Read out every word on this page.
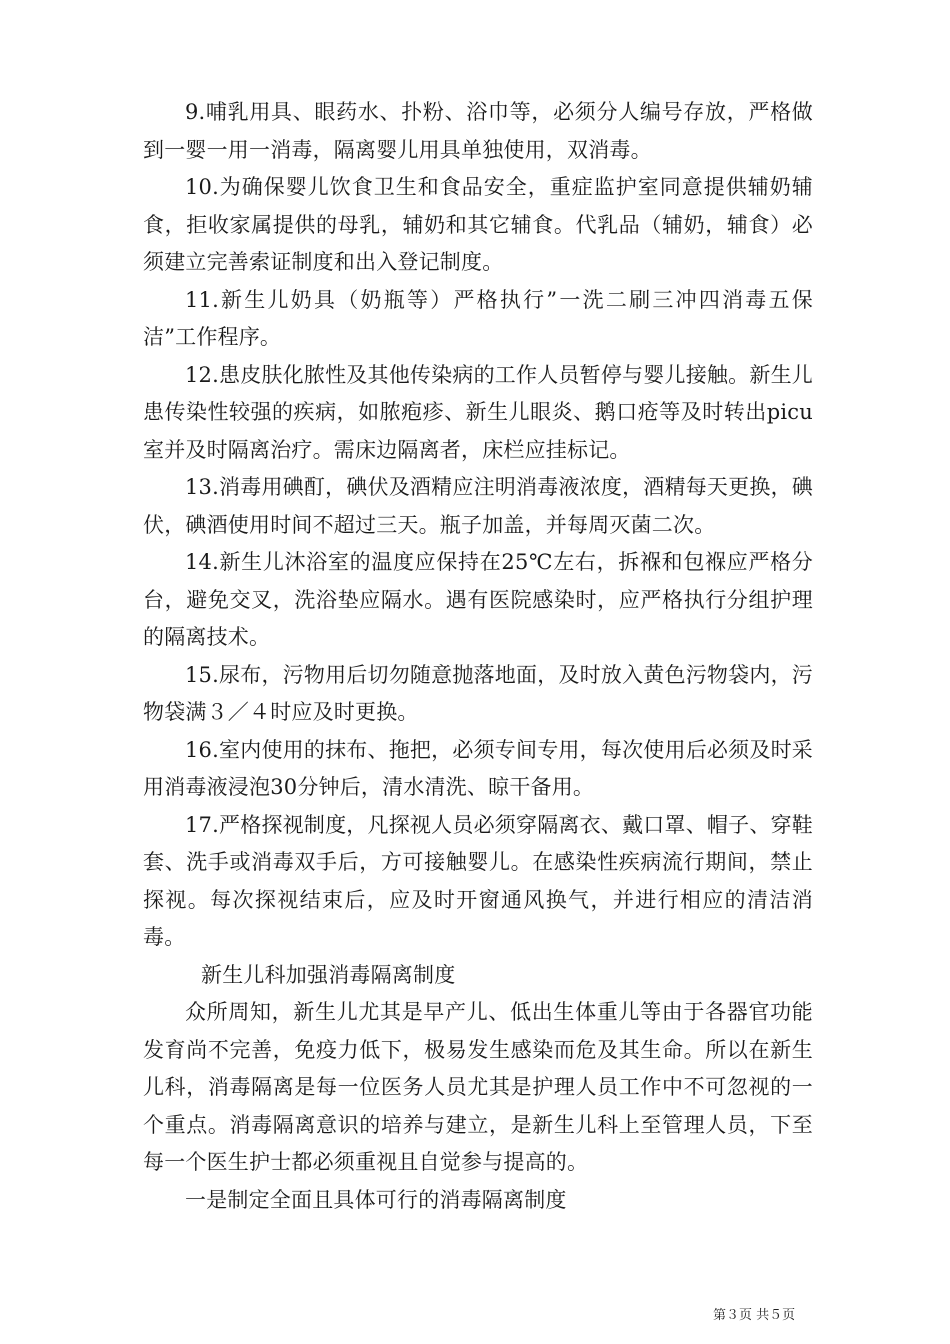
9.哺乳用具、眼药水、扑粉、浴巾等，必须分人编号存放，严格做到一婴一用一消毒，隔离婴儿用具单独使用，双消毒。

10.为确保婴儿饮食卫生和食品安全，重症监护室同意提供辅奶辅食，拒收家属提供的母乳，辅奶和其它辅食。代乳品（辅奶，辅食）必须建立完善索证制度和出入登记制度。

11.新生儿奶具（奶瓶等）严格执行”一洗二刷三冲四消毒五保洁”工作程序。

12.患皮肤化脓性及其他传染病的工作人员暂停与婴儿接触。新生儿患传染性较强的疾病，如脓疱疹、新生儿眼炎、鹅口疮等及时转出picu室并及时隔离治疗。需床边隔离者，床栏应挂标记。

13.消毒用碘酊，碘伏及酒精应注明消毒液浓度，酒精每天更换，碘伏，碘酒使用时间不超过三天。瓶子加盖，并每周灭菌二次。

14.新生儿沐浴室的温度应保持在25℃左右，拆褓和包褓应严格分台，避免交叉，洗浴垫应隔水。遇有医院感染时，应严格执行分组护理的隔离技术。

15.尿布，污物用后切勿随意抛落地面，及时放入黄色污物袋内，污物袋满３／４时应及时更换。

16.室内使用的抹布、拖把，必须专间专用，每次使用后必须及时采用消毒液浸泡30分钟后，清水清洗、晾干备用。

17.严格探视制度，凡探视人员必须穿隔离衣、戴口罩、帽子、穿鞋套、洗手或消毒双手后，方可接触婴儿。在感染性疾病流行期间，禁止探视。每次探视结束后，应及时开窗通风换气，并进行相应的清洁消毒。

新生儿科加强消毒隔离制度

众所周知，新生儿尤其是早产儿、低出生体重儿等由于各器官功能发育尚不完善，免疫力低下，极易发生感染而危及其生命。所以在新生儿科，消毒隔离是每一位医务人员尤其是护理人员工作中不可忽视的一个重点。消毒隔离意识的培养与建立，是新生儿科上至管理人员，下至每一个医生护士都必须重视且自觉参与提高的。

一是制定全面且具体可行的消毒隔离制度

第３页 共５页
